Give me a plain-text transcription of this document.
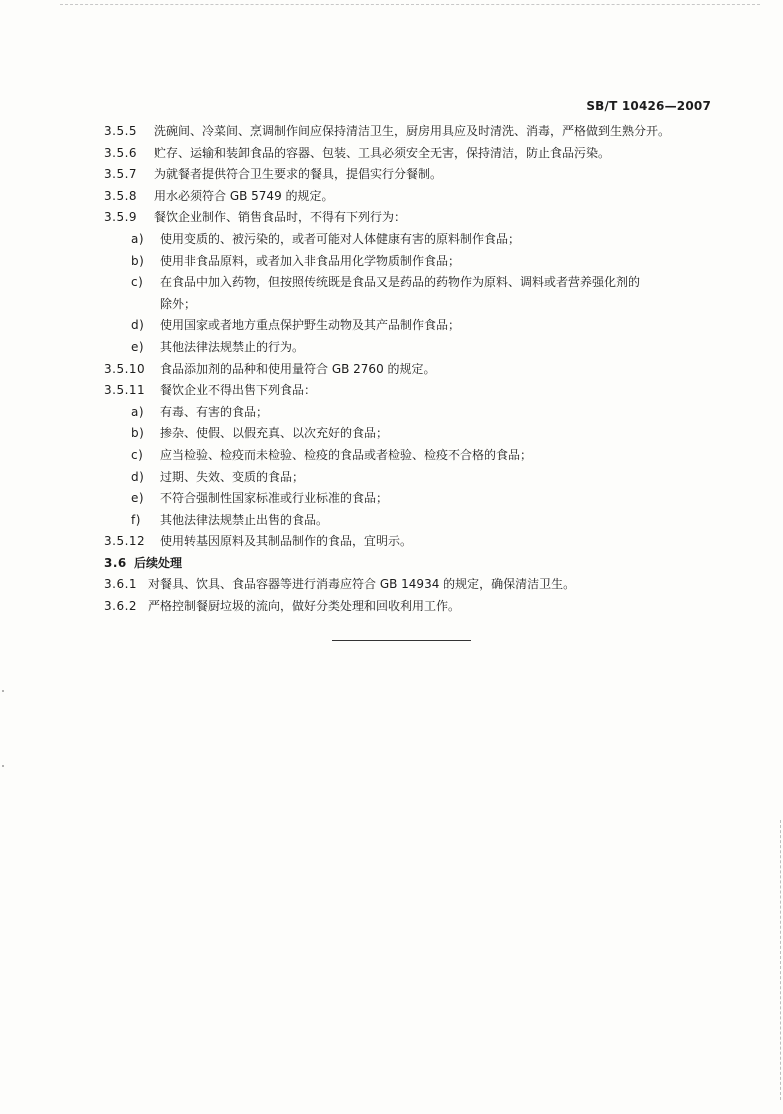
SB/T 10426—2007
3.5.5 洗碗间、冷菜间、烹调制作间应保持清洁卫生，厨房用具应及时清洗、消毒，严格做到生熟分开。
3.5.6 贮存、运输和装卸食品的容器、包装、工具必须安全无害，保持清洁，防止食品污染。
3.5.7 为就餐者提供符合卫生要求的餐具，提倡实行分餐制。
3.5.8 用水必须符合 GB 5749 的规定。
3.5.9 餐饮企业制作、销售食品时，不得有下列行为：
a) 使用变质的、被污染的，或者可能对人体健康有害的原料制作食品；
b) 使用非食品原料，或者加入非食品用化学物质制作食品；
c) 在食品中加入药物，但按照传统既是食品又是药品的药物作为原料、调料或者营养强化剂的
除外；
d) 使用国家或者地方重点保护野生动物及其产品制作食品；
e) 其他法律法规禁止的行为。
3.5.10 食品添加剂的品种和使用量符合 GB 2760 的规定。
3.5.11 餐饮企业不得出售下列食品：
a) 有毒、有害的食品；
b) 掺杂、使假、以假充真、以次充好的食品；
c) 应当检验、检疫而未检验、检疫的食品或者检验、检疫不合格的食品；
d) 过期、失效、变质的食品；
e) 不符合强制性国家标准或行业标准的食品；
f) 其他法律法规禁止出售的食品。
3.5.12 使用转基因原料及其制品制作的食品，宜明示。
3.6 后续处理
3.6.1 对餐具、饮具、食品容器等进行消毒应符合 GB 14934 的规定，确保清洁卫生。
3.6.2 严格控制餐厨垃圾的流向，做好分类处理和回收利用工作。
